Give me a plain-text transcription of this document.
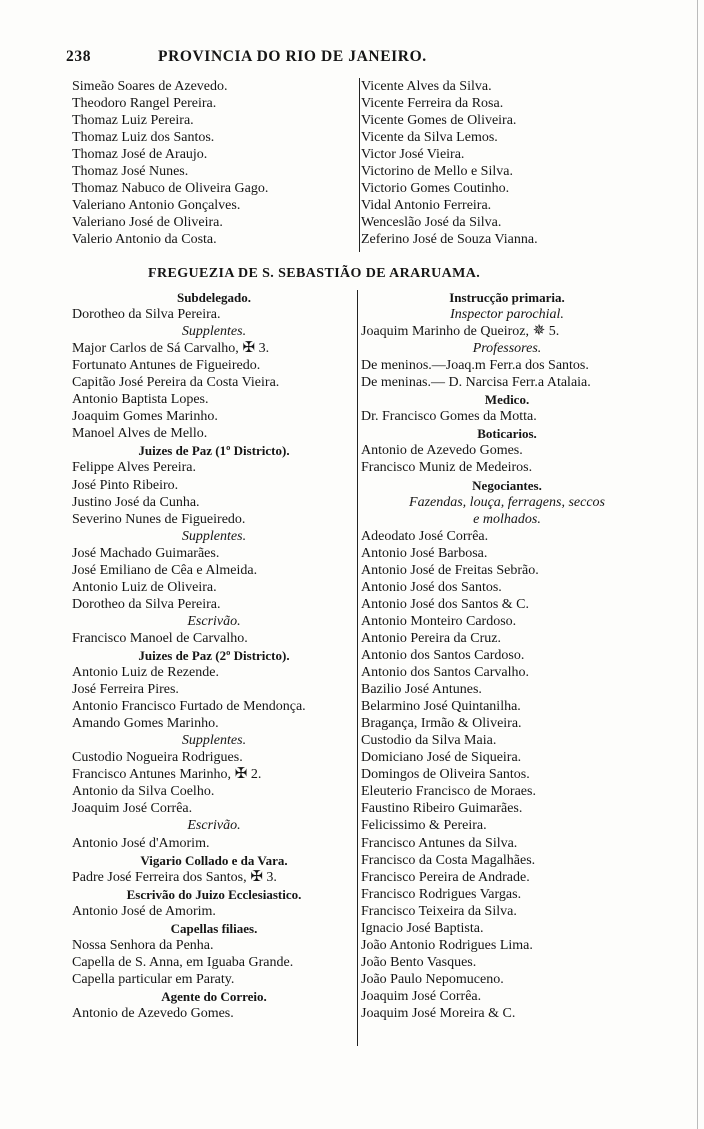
238	PROVINCIA DO RIO DE JANEIRO.
Simeão Soares de Azevedo.
Theodoro Rangel Pereira.
Thomaz Luiz Pereira.
Thomaz Luiz dos Santos.
Thomaz José de Araujo.
Thomaz José Nunes.
Thomaz Nabuco de Oliveira Gago.
Valeriano Antonio Gonçalves.
Valeriano José de Oliveira.
Valerio Antonio da Costa.
Vicente Alves da Silva.
Vicente Ferreira da Rosa.
Vicente Gomes de Oliveira.
Vicente da Silva Lemos.
Victor José Vieira.
Victorino de Mello e Silva.
Victorio Gomes Coutinho.
Vidal Antonio Ferreira.
Wenceslão José da Silva.
Zeferino José de Souza Vianna.
FREGUEZIA DE S. SEBASTIÃO DE ARARUAMA.
Subdelegado.
Dorotheo da Silva Pereira.
Supplentes.
Major Carlos de Sá Carvalho, ✠ 3.
Fortunato Antunes de Figueiredo.
Capitão José Pereira da Costa Vieira.
Antonio Baptista Lopes.
Joaquim Gomes Marinho.
Manoel Alves de Mello.
Juizes de Paz (1º Districto).
Felippe Alves Pereira.
José Pinto Ribeiro.
Justino José da Cunha.
Severino Nunes de Figueiredo.
Supplentes.
José Machado Guimarães.
José Emiliano de Cêa e Almeida.
Antonio Luiz de Oliveira.
Dorotheo da Silva Pereira.
Escrivão.
Francisco Manoel de Carvalho.
Juizes de Paz (2º Districto).
Antonio Luiz de Rezende.
José Ferreira Pires.
Antonio Francisco Furtado de Mendonça.
Amando Gomes Marinho.
Supplentes.
Custodio Nogueira Rodrigues.
Francisco Antunes Marinho, ✠ 2.
Antonio da Silva Coelho.
Joaquim José Corrêa.
Escrivão.
Antonio José d'Amorim.
Vigario Collado e da Vara.
Padre José Ferreira dos Santos, ✠ 3.
Escrivão do Juizo Ecclesiastico.
Antonio José de Amorim.
Capellas filiaes.
Nossa Senhora da Penha.
Capella de S. Anna, em Iguaba Grande.
Capella particular em Paraty.
Agente do Correio.
Antonio de Azevedo Gomes.
Instrucção primaria.
Inspector parochial.
Joaquim Marinho de Queiroz, ✵ 5.
Professores.
De meninos.—Joaq.m Ferr.a dos Santos.
De meninas.— D. Narcisa Ferr.a Atalaia.
Medico.
Dr. Francisco Gomes da Motta.
Boticarios.
Antonio de Azevedo Gomes.
Francisco Muniz de Medeiros.
Negociantes.
Fazendas, louça, ferragens, seccos
e molhados.
Adeodato José Corrêa.
Antonio José Barbosa.
Antonio José de Freitas Sebrão.
Antonio José dos Santos.
Antonio José dos Santos & C.
Antonio Monteiro Cardoso.
Antonio Pereira da Cruz.
Antonio dos Santos Cardoso.
Antonio dos Santos Carvalho.
Bazilio José Antunes.
Belarmino José Quintanilha.
Bragança, Irmão & Oliveira.
Custodio da Silva Maia.
Domiciano José de Siqueira.
Domingos de Oliveira Santos.
Eleuterio Francisco de Moraes.
Faustino Ribeiro Guimarães.
Felicissimo & Pereira.
Francisco Antunes da Silva.
Francisco da Costa Magalhães.
Francisco Pereira de Andrade.
Francisco Rodrigues Vargas.
Francisco Teixeira da Silva.
Ignacio José Baptista.
João Antonio Rodrigues Lima.
João Bento Vasques.
João Paulo Nepomuceno.
Joaquim José Corrêa.
Joaquim José Moreira & C.
